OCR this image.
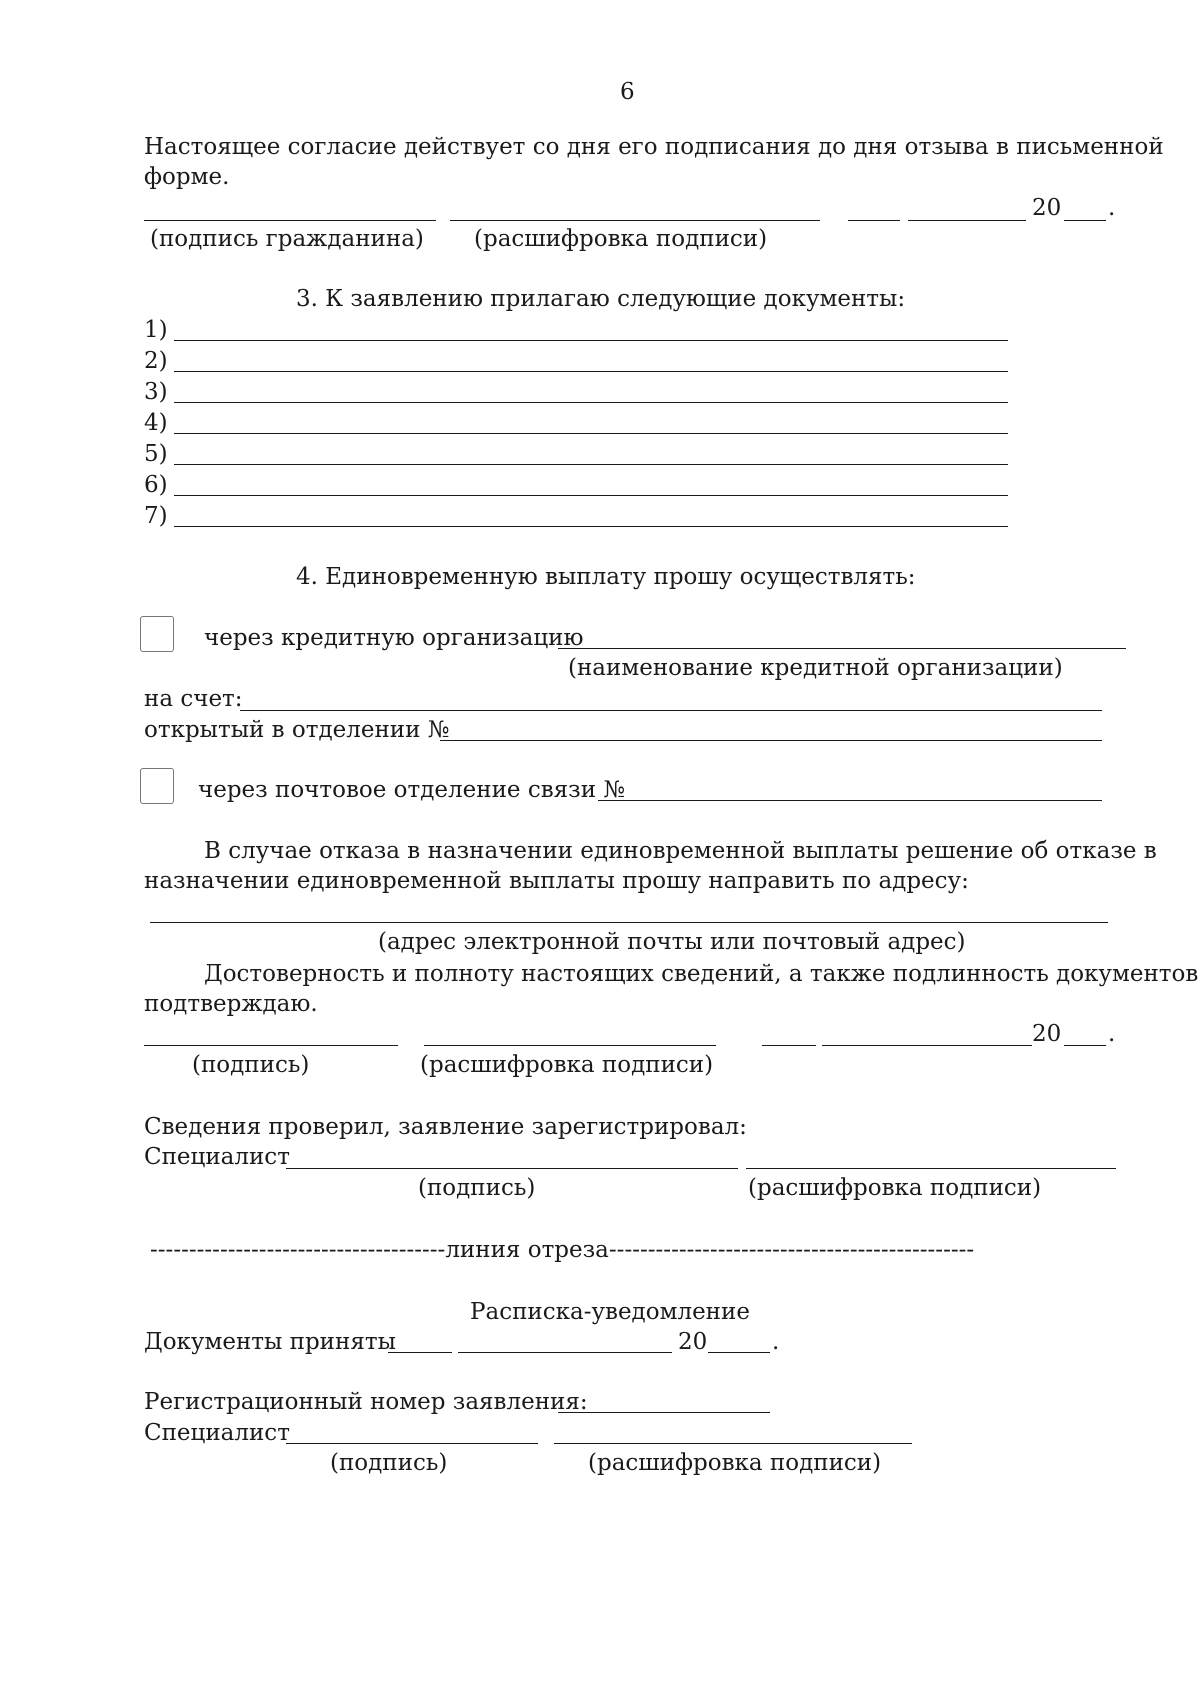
6
Настоящее согласие действует со дня его подписания до дня отзыва в письменной
форме.
20 .
(подпись гражданина) (расшифровка подписи)
3. К заявлению прилагаю следующие документы:
1)
2)
3)
4)
5)
6)
7)
4. Единовременную выплату прошу осуществлять:
через кредитную организацию
(наименование кредитной организации)
на счет:
открытый в отделении №
через почтовое отделение связи №
В случае отказа в назначении единовременной выплаты решение об отказе в
назначении единовременной выплаты прошу направить по адресу:
(адрес электронной почты или почтовый адрес)
Достоверность и полноту настоящих сведений, а также подлинность документов
подтверждаю.
20 .
(подпись)	(расшифровка подписи)
Сведения проверил, заявление зарегистрировал:
Специалист
(подпись)	(расшифровка подписи)
--------------------------------------линия отреза-----------------------------------------------
Расписка-уведомление
Документы приняты	20	.
Регистрационный номер заявления:
Специалист
(подпись)	(расшифровка подписи)
